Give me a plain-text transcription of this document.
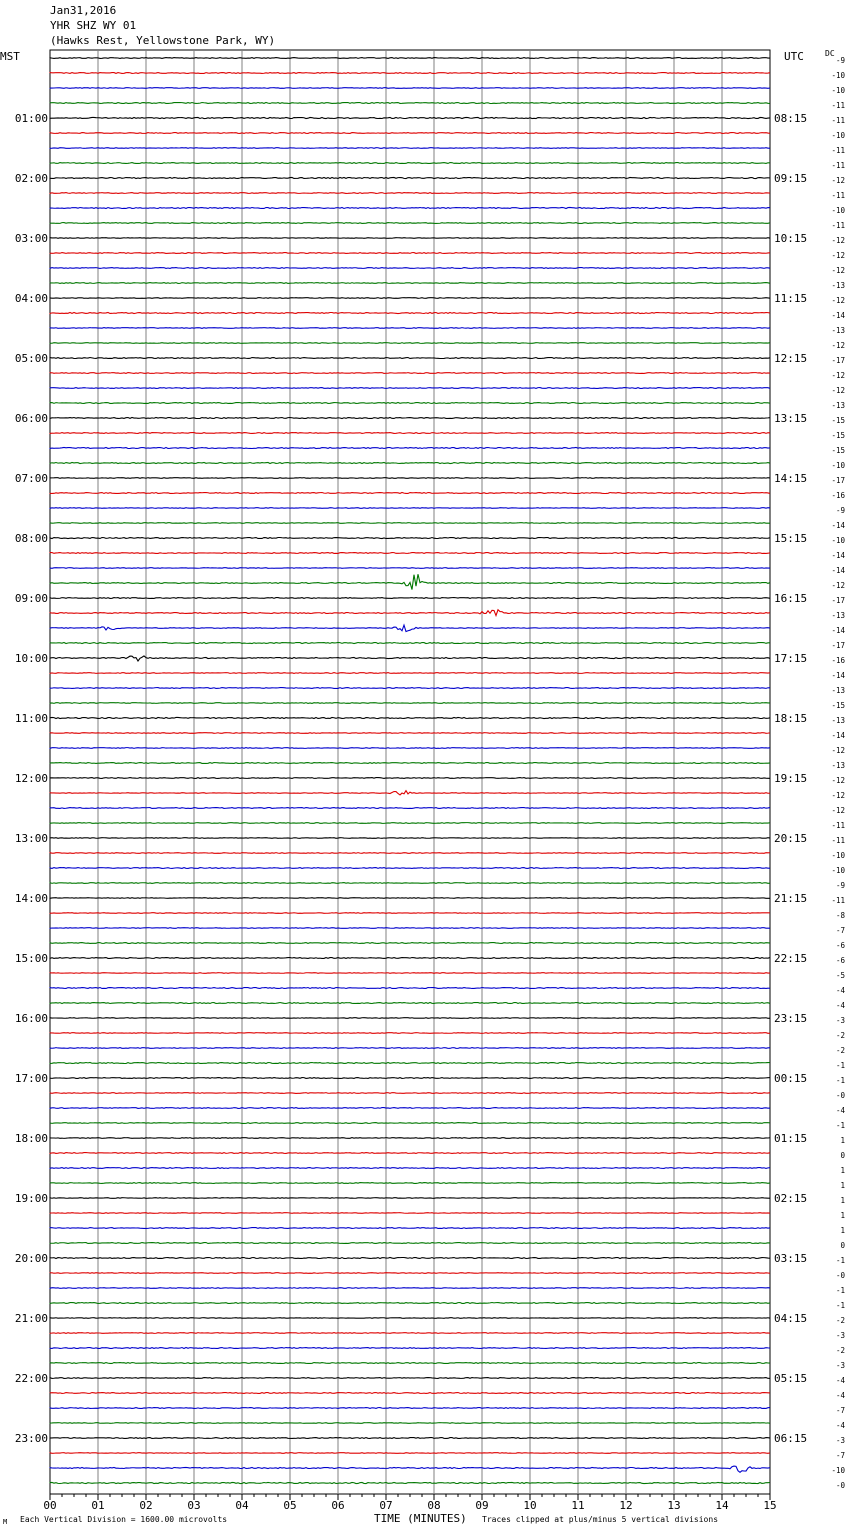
Jan31,2016
YHR SHZ WY 01
(Hawks Rest, Yellowstone Park, WY)
MST	UTC	DC
-9
-10
-10
-11
-11
-10
-11
-11
-12
-11
-10
-11
-12
-12
-12
-13
-12
-14
-13
-12
-17
-12
-12
-13
-15
-15
-15
-10
-17
-16
-9
-14
-10
-14
-14
-12
-17
-13
-14
-17
-16
-14
-13
-15
-13
-14
-12
-13
-12
-12
-12
-11
-11
-10
-10
-9
-11
-8
-7
-6
-6
-5
-4
-4
-3
-2
-2
-1
-1
-0
-4
-1
1
0
1
1
1
1
1
0
-1
-0
-1
-1
-2
-3
-2
-3
-4
-4
-7
-4
-3
-7
-10
-0
01:00
02:00
03:00
04:00
05:00
06:00
07:00
08:00
09:00
10:00
11:00
12:00
13:00
14:00
15:00
16:00
17:00
18:00
19:00
20:00
21:00
22:00
23:00
08:15
09:15
10:15
11:15
12:15
13:15
14:15
15:15
16:15
17:15
18:15
19:15
20:15
21:15
22:15
23:15
00:15
01:15
02:15
03:15
04:15
05:15
06:15
00	01	02	03	04	05	06	07	08	09	10	11	12	13	14	15
Each Vertical Division = 1600.00 microvolts	TIME (MINUTES) Traces clipped at plus/minus 5 vertical divisions
M
